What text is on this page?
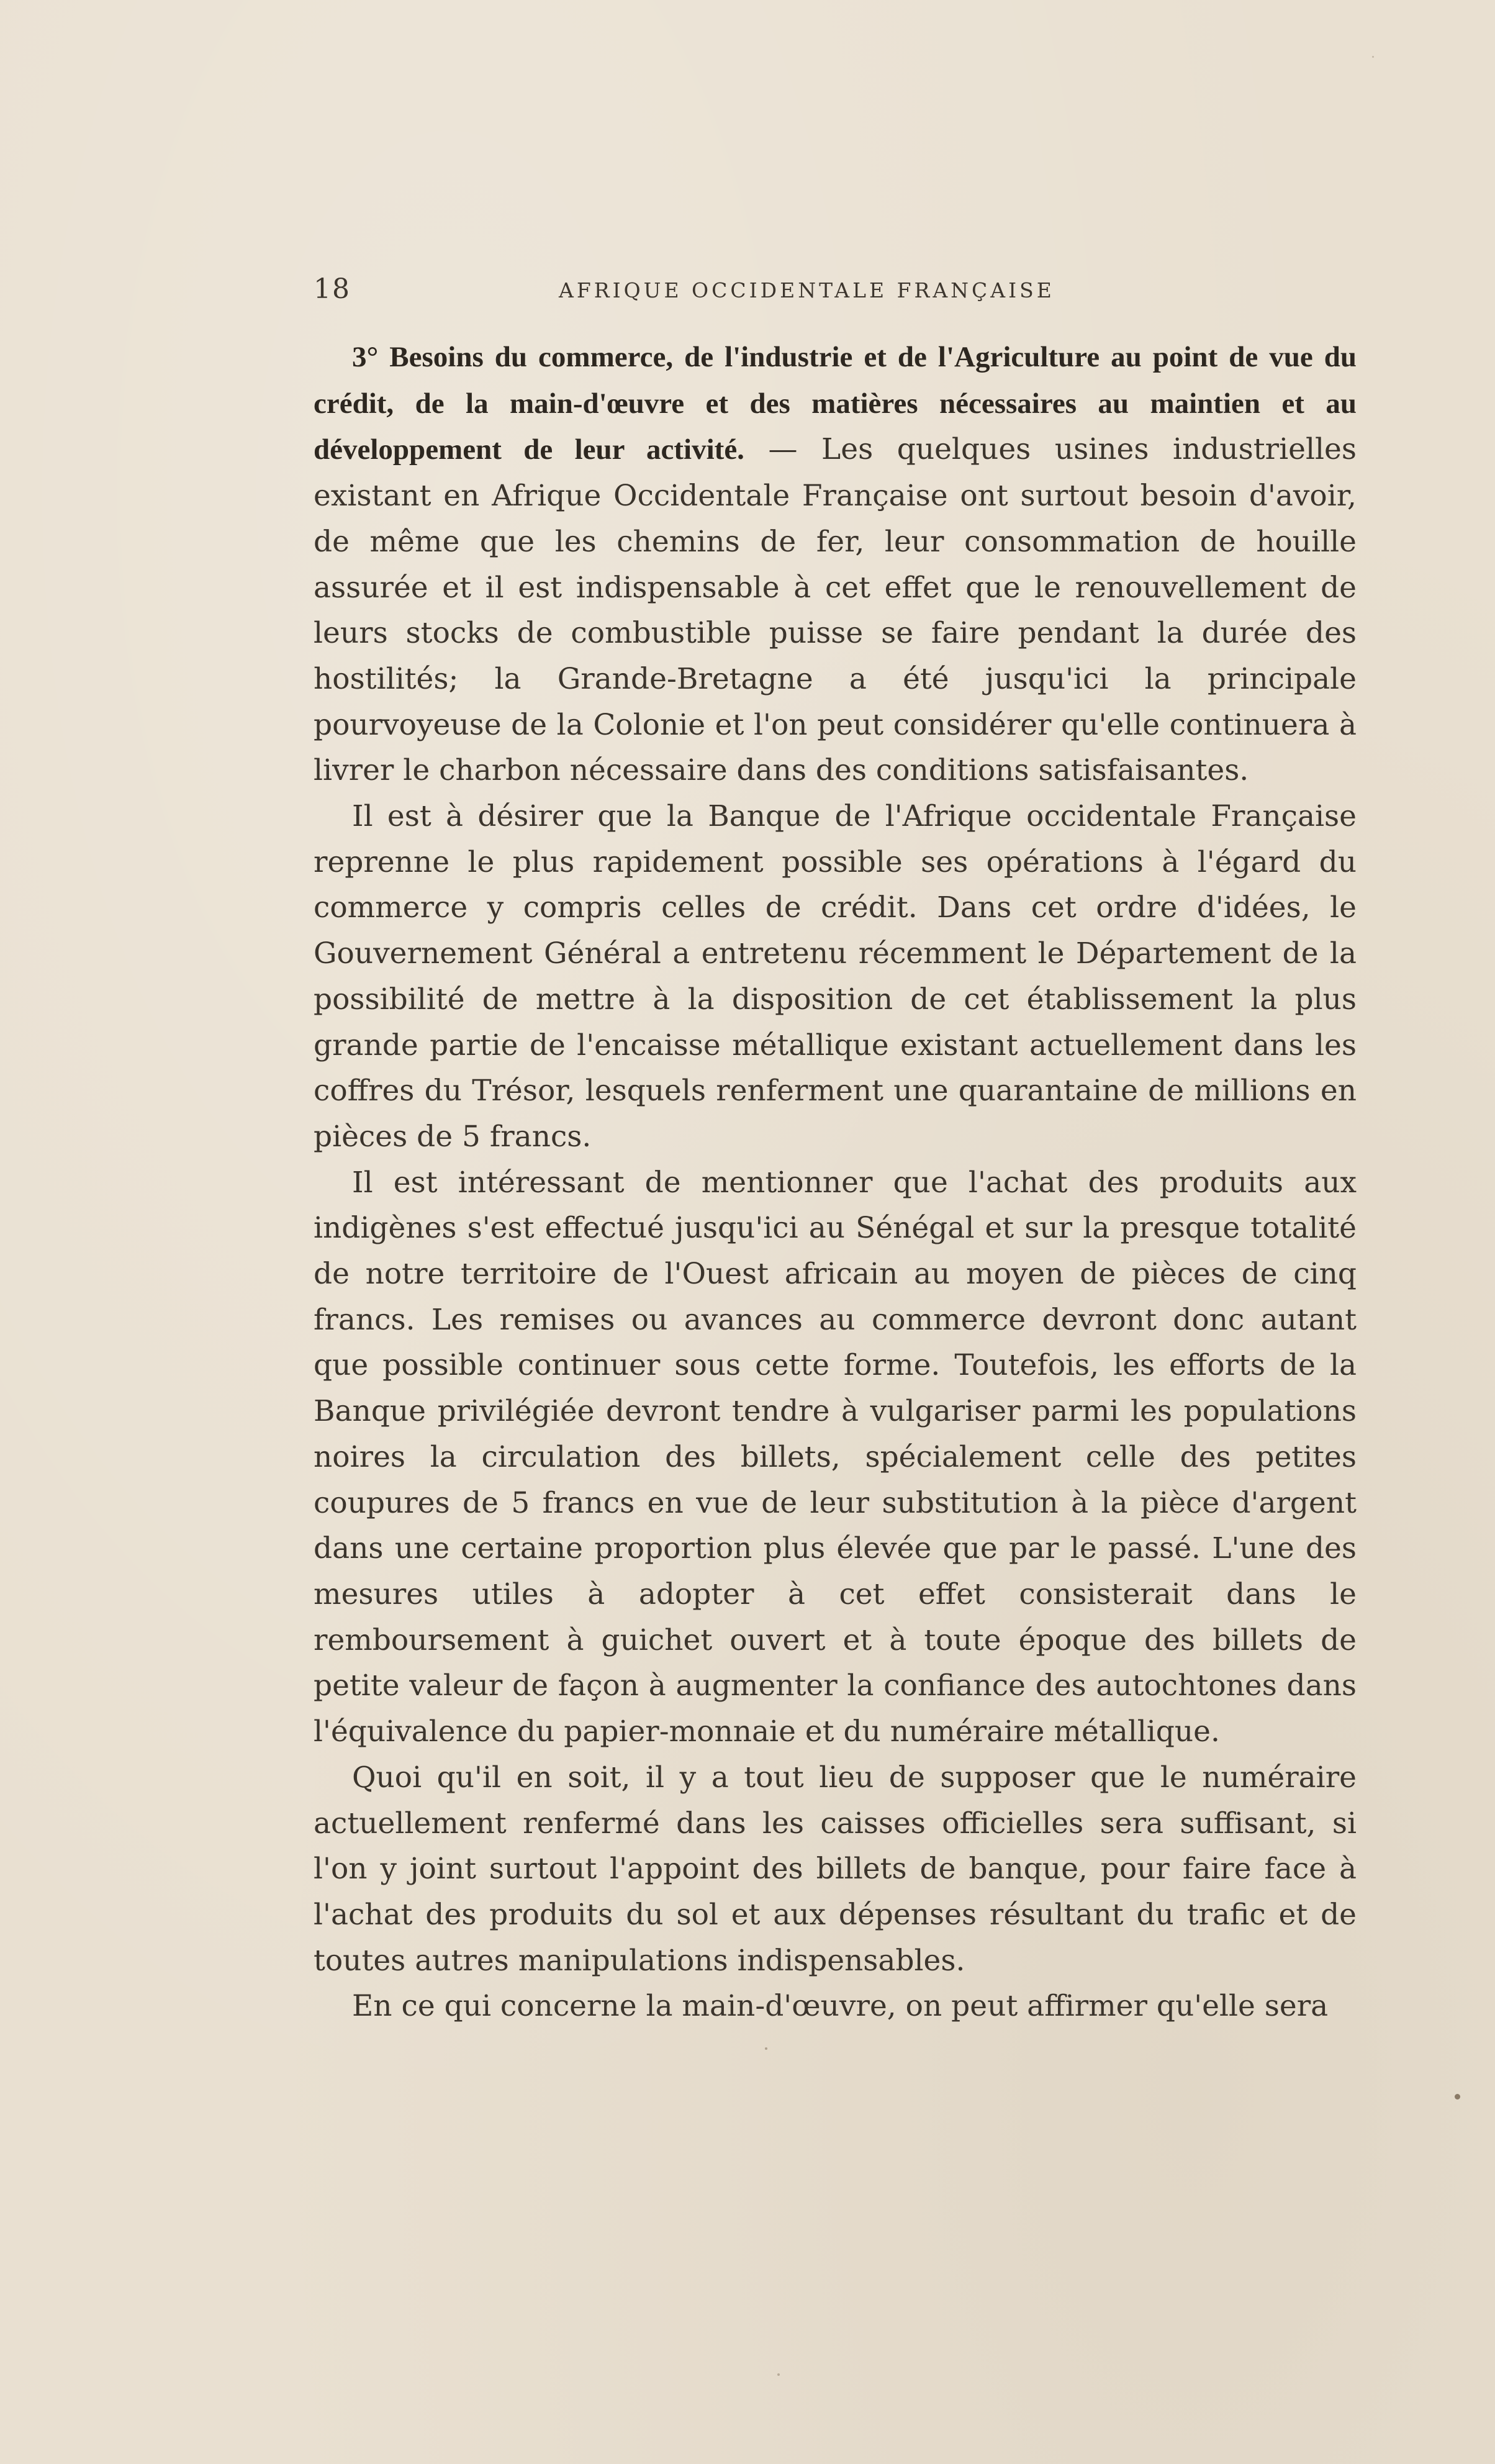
18	AFRIQUE OCCIDENTALE FRANÇAISE

3° Besoins du commerce, de l'industrie et de l'Agriculture au point de vue du crédit, de la main-d'œuvre et des matières nécessaires au maintien et au développement de leur activité. — Les quelques usines industrielles existant en Afrique Occidentale Française ont surtout besoin d'avoir, de même que les chemins de fer, leur consommation de houille assurée et il est indispensable à cet effet que le renouvellement de leurs stocks de combustible puisse se faire pendant la durée des hostilités; la Grande-Bretagne a été jusqu'ici la principale pourvoyeuse de la Colonie et l'on peut considérer qu'elle continuera à livrer le charbon nécessaire dans des conditions satisfaisantes.

Il est à désirer que la Banque de l'Afrique occidentale Française reprenne le plus rapidement possible ses opérations à l'égard du commerce y compris celles de crédit. Dans cet ordre d'idées, le Gouvernement Général a entretenu récemment le Département de la possibilité de mettre à la disposition de cet établissement la plus grande partie de l'encaisse métallique existant actuellement dans les coffres du Trésor, lesquels renferment une quarantaine de millions en pièces de 5 francs.

Il est intéressant de mentionner que l'achat des produits aux indigènes s'est effectué jusqu'ici au Sénégal et sur la presque totalité de notre territoire de l'Ouest africain au moyen de pièces de cinq francs. Les remises ou avances au commerce devront donc autant que possible continuer sous cette forme. Toutefois, les efforts de la Banque privilégiée devront tendre à vulgariser parmi les populations noires la circulation des billets, spécialement celle des petites coupures de 5 francs en vue de leur substitution à la pièce d'argent dans une certaine proportion plus élevée que par le passé. L'une des mesures utiles à adopter à cet effet consisterait dans le remboursement à guichet ouvert et à toute époque des billets de petite valeur de façon à augmenter la confiance des autochtones dans l'équivalence du papier-monnaie et du numéraire métallique.

Quoi qu'il en soit, il y a tout lieu de supposer que le numéraire actuellement renfermé dans les caisses officielles sera suffisant, si l'on y joint surtout l'appoint des billets de banque, pour faire face à l'achat des produits du sol et aux dépenses résultant du trafic et de toutes autres manipulations indispensables.

En ce qui concerne la main-d'œuvre, on peut affirmer qu'elle sera
